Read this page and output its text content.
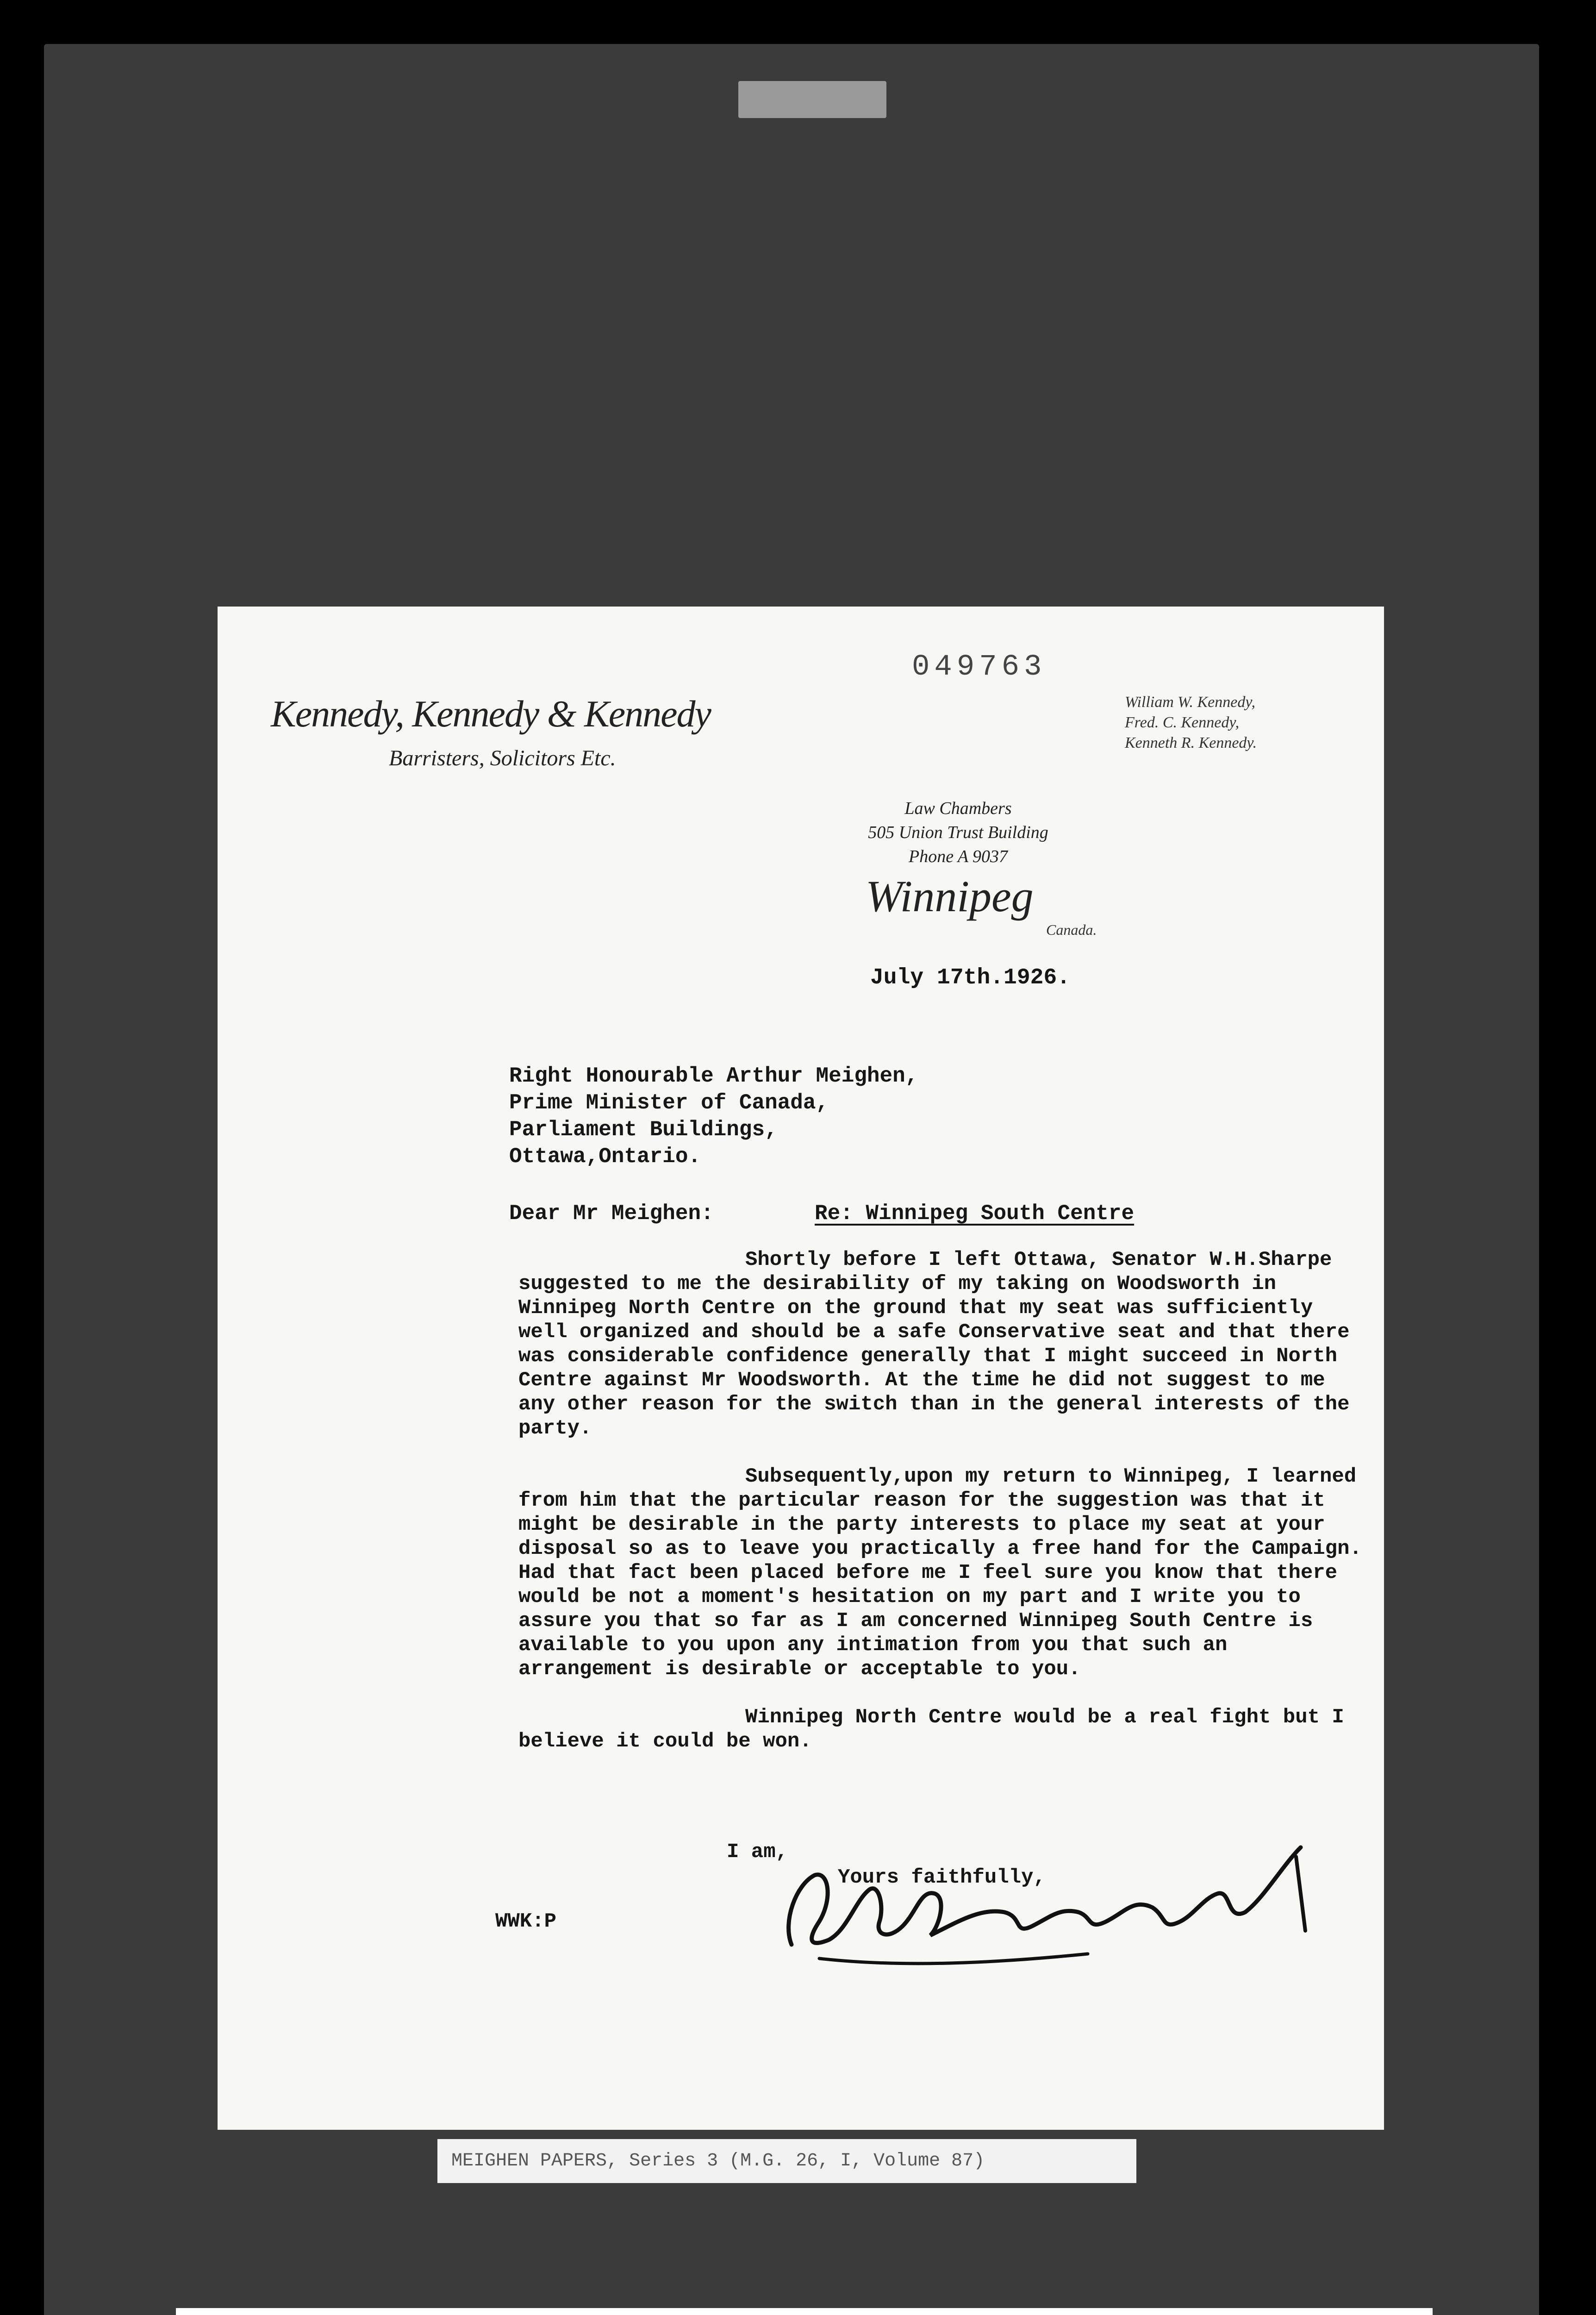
Kennedy, Kennedy & Kennedy
Barristers, Solicitors Etc.
049763
William W. Kennedy,
Fred. C. Kennedy,
Kenneth R. Kennedy.
Law Chambers
505 Union Trust Building
Phone A 9037
Winnipeg
Canada.
July 17th.1926.
Right Honourable Arthur Meighen,
Prime Minister of Canada,
Parliament Buildings,
Ottawa,Ontario.
Dear Mr Meighen:	Re: Winnipeg South Centre

Shortly before I left Ottawa, Senator W.H.Sharpe suggested to me the desirability of my taking on Woodsworth in Winnipeg North Centre on the ground that my seat was sufficiently well organized and should be a safe Conservative seat and that there was considerable confidence generally that I might succeed in North Centre against Mr Woodsworth. At the time he did not suggest to me any other reason for the switch than in the general interests of the party.

Subsequently,upon my return to Winnipeg, I learned from him that the particular reason for the suggestion was that it might be desirable in the party interests to place my seat at your disposal so as to leave you practically a free hand for the Campaign. Had that fact been placed before me I feel sure you know that there would be not a moment's hesitation on my part and I write you to assure you that so far as I am concerned Winnipeg South Centre is available to you upon any intimation from you that such an arrangement is desirable or acceptable to you.

Winnipeg North Centre would be a real fight but I believe it could be won.

I am,
Yours faithfully,
WWK:P
MEIGHEN PAPERS, Series 3 (M.G. 26, I, Volume 87)
